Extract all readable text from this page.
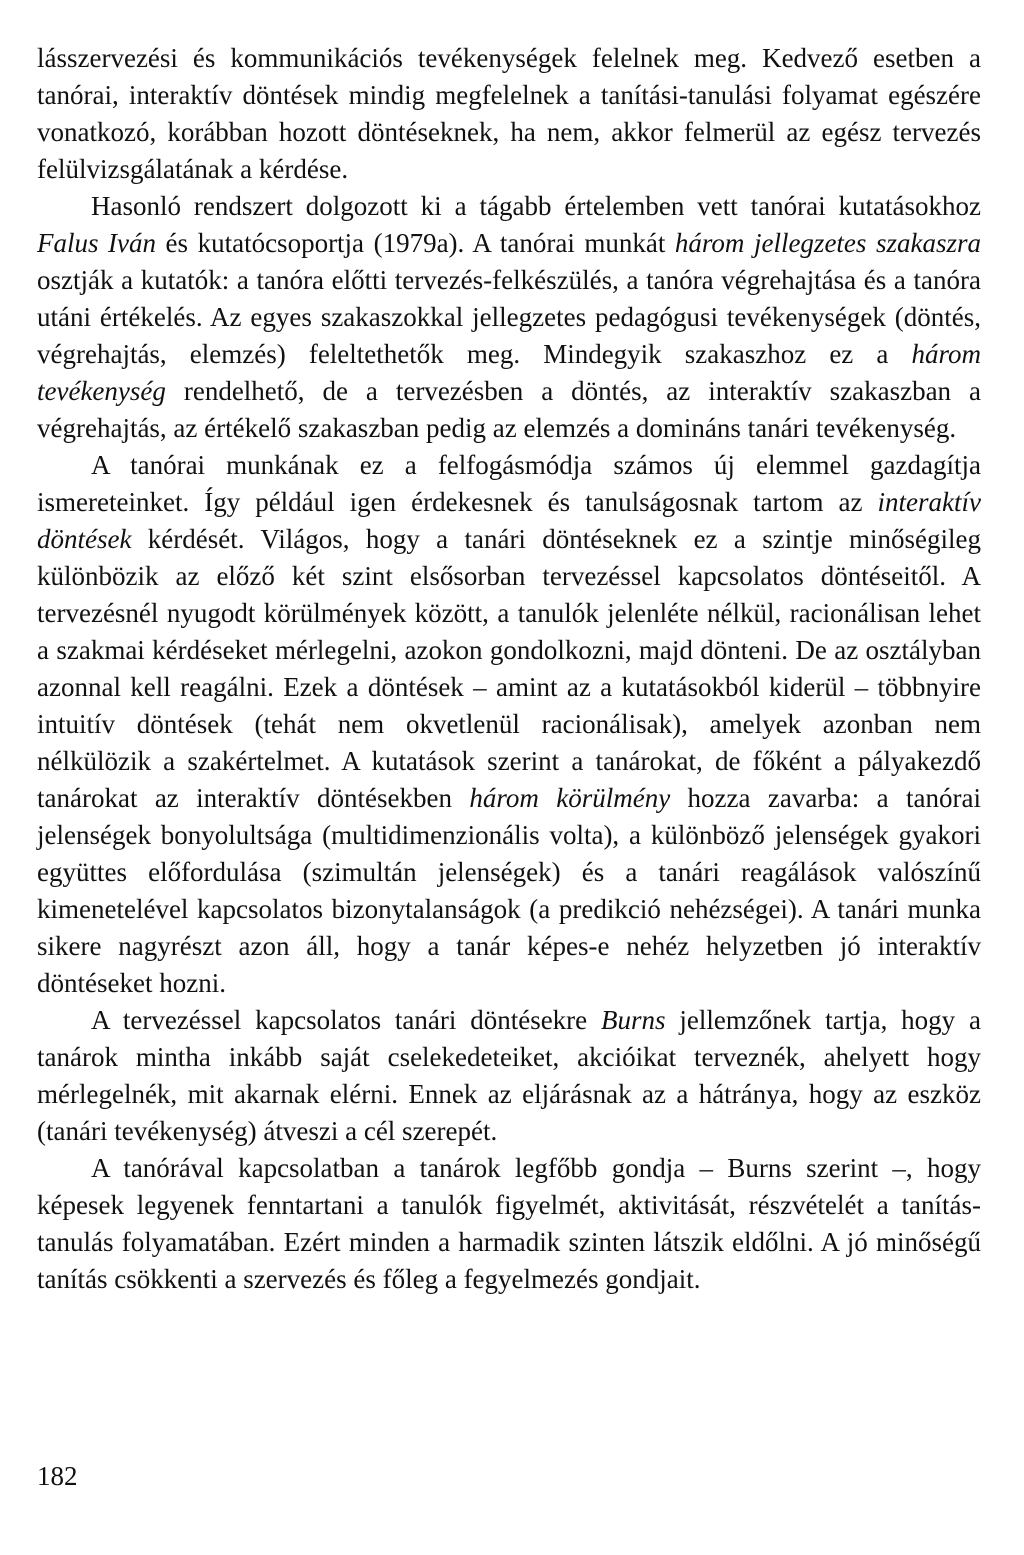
lásszervezési és kommunikációs tevékenységek felelnek meg. Kedvező esetben a tanórai, interaktív döntések mindig megfelelnek a tanítási-tanulási folyamat egészére vonatkozó, korábban hozott döntéseknek, ha nem, akkor felmerül az egész tervezés felülvizsgálatának a kérdése.

Hasonló rendszert dolgozott ki a tágabb értelemben vett tanórai kutatásokhoz Falus Iván és kutatócsoportja (1979a). A tanórai munkát három jellegzetes szakaszra osztják a kutatók: a tanóra előtti tervezés-felkészülés, a tanóra végrehajtása és a tanóra utáni értékelés. Az egyes szakaszokkal jellegzetes pedagógusi tevékenységek (döntés, végrehajtás, elemzés) feleltethetők meg. Mindegyik szakaszhoz ez a három tevékenység rendelhető, de a tervezésben a döntés, az interaktív szakaszban a végrehajtás, az értékelő szakaszban pedig az elemzés a domináns tanári tevékenység.

A tanórai munkának ez a felfogásmódja számos új elemmel gazdagítja ismereteinket. Így például igen érdekesnek és tanulságosnak tartom az interaktív döntések kérdését. Világos, hogy a tanári döntéseknek ez a szintje minőségileg különbözik az előző két szint elsősorban tervezéssel kapcsolatos döntéseitől. A tervezésnél nyugodt körülmények között, a tanulók jelenléte nélkül, racionálisan lehet a szakmai kérdéseket mérlegelni, azokon gondolkozni, majd dönteni. De az osztályban azonnal kell reagálni. Ezek a döntések – amint az a kutatásokból kiderül – többnyire intuitív döntések (tehát nem okvetlenül racionálisak), amelyek azonban nem nélkülözik a szakértelmet. A kutatások szerint a tanárokat, de főként a pályakezdő tanárokat az interaktív döntésekben három körülmény hozza zavarba: a tanórai jelenségek bonyolultsága (multidimenzionális volta), a különböző jelenségek gyakori együttes előfordulása (szimultán jelenségek) és a tanári reagálások valószínű kimenetelével kapcsolatos bizonytalanságok (a predikció nehézségei). A tanári munka sikere nagyrészt azon áll, hogy a tanár képes-e nehéz helyzetben jó interaktív döntéseket hozni.

A tervezéssel kapcsolatos tanári döntésekre Burns jellemzőnek tartja, hogy a tanárok mintha inkább saját cselekedeteiket, akcióikat terveznék, ahelyett hogy mérlegelnék, mit akarnak elérni. Ennek az eljárásnak az a hátránya, hogy az eszköz (tanári tevékenység) átveszi a cél szerepét.

A tanórával kapcsolatban a tanárok legfőbb gondja – Burns szerint –, hogy képesek legyenek fenntartani a tanulók figyelmét, aktivitását, részvételét a tanítás-tanulás folyamatában. Ezért minden a harmadik szinten látszik eldőlni. A jó minőségű tanítás csökkenti a szervezés és főleg a fegyelmezés gondjait.

182
